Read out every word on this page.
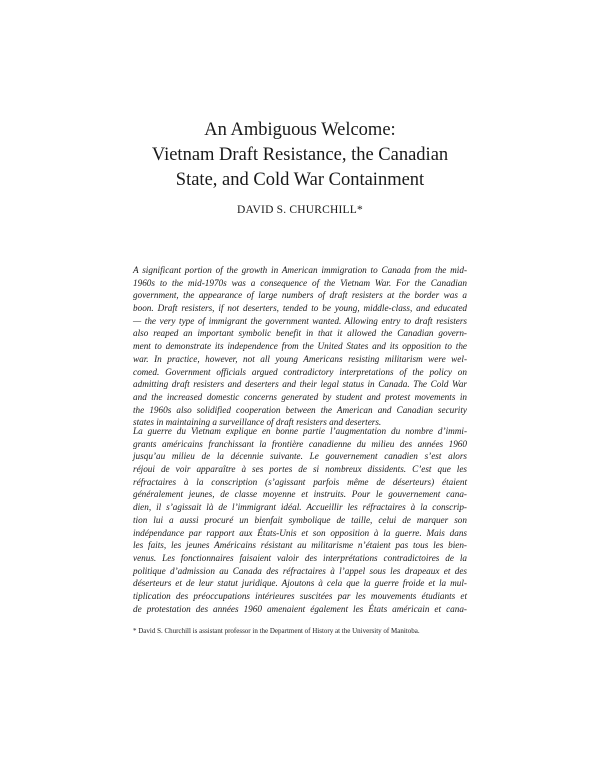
An Ambiguous Welcome:
Vietnam Draft Resistance, the Canadian
State, and Cold War Containment
DAVID S. CHURCHILL*
A significant portion of the growth in American immigration to Canada from the mid-
1960s to the mid-1970s was a consequence of the Vietnam War. For the Canadian
government, the appearance of large numbers of draft resisters at the border was a
boon. Draft resisters, if not deserters, tended to be young, middle-class, and educated
— the very type of immigrant the government wanted. Allowing entry to draft resisters
also reaped an important symbolic benefit in that it allowed the Canadian govern-
ment to demonstrate its independence from the United States and its opposition to the
war. In practice, however, not all young Americans resisting militarism were wel-
comed. Government officials argued contradictory interpretations of the policy on
admitting draft resisters and deserters and their legal status in Canada. The Cold War
and the increased domestic concerns generated by student and protest movements in
the 1960s also solidified cooperation between the American and Canadian security
states in maintaining a surveillance of draft resisters and deserters.
La guerre du Vietnam explique en bonne partie l’augmentation du nombre d’immi-
grants américains franchissant la frontière canadienne du milieu des années 1960
jusqu’au milieu de la décennie suivante. Le gouvernement canadien s’est alors
réjoui de voir apparaître à ses portes de si nombreux dissidents. C’est que les
réfractaires à la conscription (s’agissant parfois même de déserteurs) étaient
généralement jeunes, de classe moyenne et instruits. Pour le gouvernement cana-
dien, il s’agissait là de l’immigrant idéal. Accueillir les réfractaires à la conscrip-
tion lui a aussi procuré un bienfait symbolique de taille, celui de marquer son
indépendance par rapport aux États-Unis et son opposition à la guerre. Mais dans
les faits, les jeunes Américains résistant au militarisme n’étaient pas tous les bien-
venus. Les fonctionnaires faisaient valoir des interprétations contradictoires de la
politique d’admission au Canada des réfractaires à l’appel sous les drapeaux et des
déserteurs et de leur statut juridique. Ajoutons à cela que la guerre froide et la mul-
tiplication des préoccupations intérieures suscitées par les mouvements étudiants et
de protestation des années 1960 amenaient également les États américain et cana-
* David S. Churchill is assistant professor in the Department of History at the University of Manitoba.
